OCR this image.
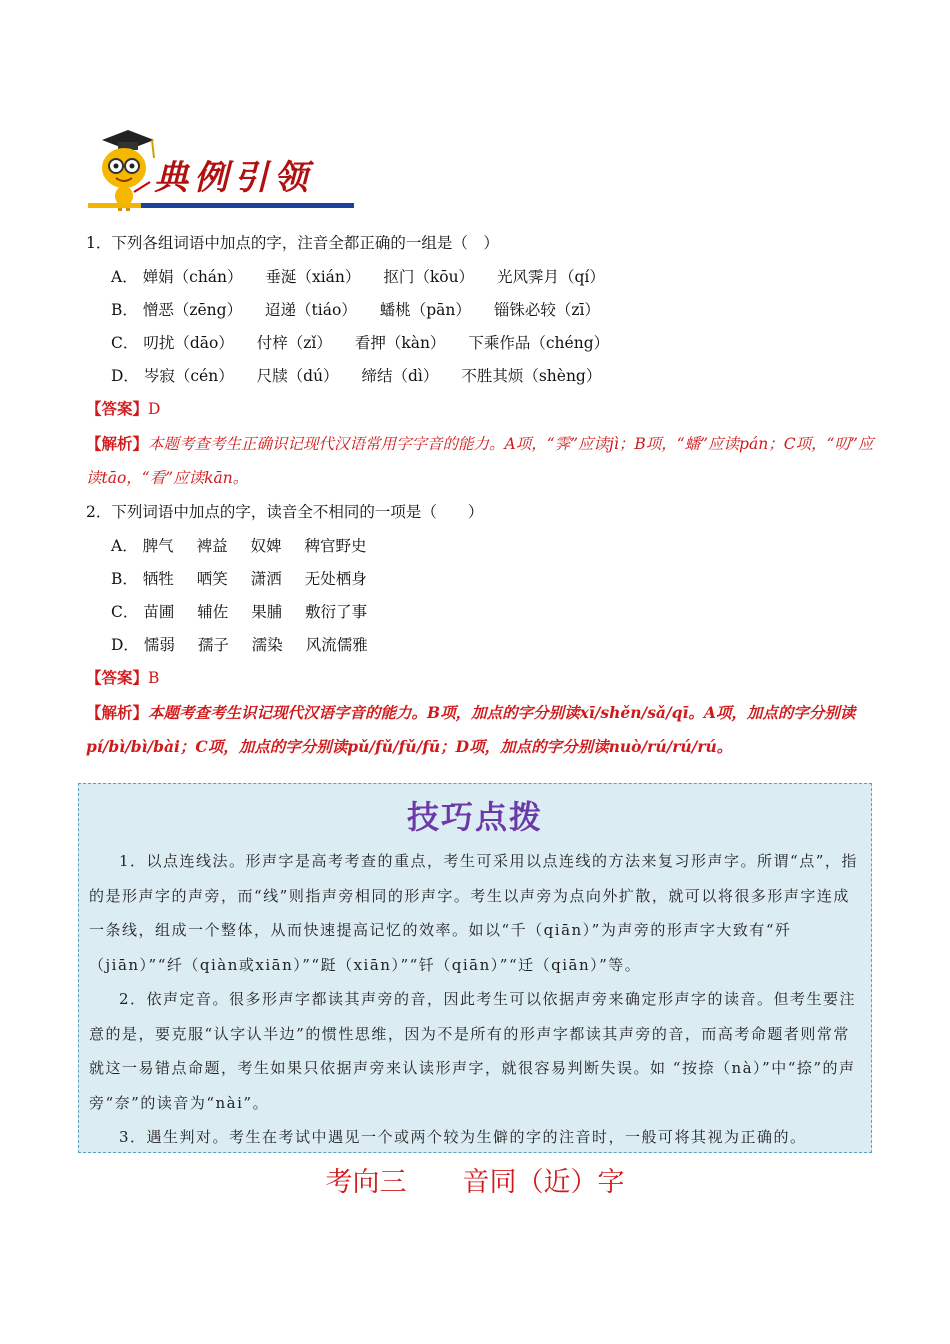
典例引领

1．下列各组词语中加点的字，注音全都正确的一组是（　）

A． 婵娟（chán） 垂涎（xián） 抠门（kōu） 光风霁月（qí）
B． 憎恶（zēng） 迢递（tiáo） 蟠桃（pān） 锱铢必较（zī）
C． 叨扰（dāo） 付梓（zǐ） 看押（kàn） 下乘作品（chéng）
D． 岑寂（cén） 尺牍（dú） 缔结（dì） 不胜其烦（shèng）

【答案】D

【解析】本题考查考生正确识记现代汉语常用字字音的能力。A项，“霁”应读jì；B项，“蟠”应读pán；C项，“叨”应读tāo，“看”应读kān。

2．下列词语中加点的字，读音全不相同的一项是（　　）

A． 脾气 裨益 奴婢 稗官野史
B． 牺牲 哂笑 潇洒 无处栖身
C． 苗圃 辅佐 果脯 敷衍了事
D． 懦弱 孺子 濡染 风流儒雅

【答案】B

【解析】本题考查考生识记现代汉语字音的能力。B项，加点的字分别读xī/shěn/sǎ/qī。A项，加点的字分别读pí/bì/bì/bài；C项，加点的字分别读pǔ/fǔ/fǔ/fū；D项，加点的字分别读nuò/rú/rú/rú。

技巧点拨

1．以点连线法。形声字是高考考查的重点，考生可采用以点连线的方法来复习形声字。所谓“点”，指的是形声字的声旁，而“线”则指声旁相同的形声字。考生以声旁为点向外扩散，就可以将很多形声字连成一条线，组成一个整体，从而快速提高记忆的效率。如以“千（qiān）”为声旁的形声字大致有“歼（jiān）”“纤（qiàn或xiān）”“跹（xiān）”“钎（qiān）”“迁（qiān）”等。

2．依声定音。很多形声字都读其声旁的音，因此考生可以依据声旁来确定形声字的读音。但考生要注意的是，要克服“认字认半边”的惯性思维，因为不是所有的形声字都读其声旁的音，而高考命题者则常常就这一易错点命题，考生如果只依据声旁来认读形声字，就很容易判断失误。如 “按捺（nà）”中“捺”的声旁“奈”的读音为“nài”。

3．遇生判对。考生在考试中遇见一个或两个较为生僻的字的注音时，一般可将其视为正确的。

考向三 音同（近）字
